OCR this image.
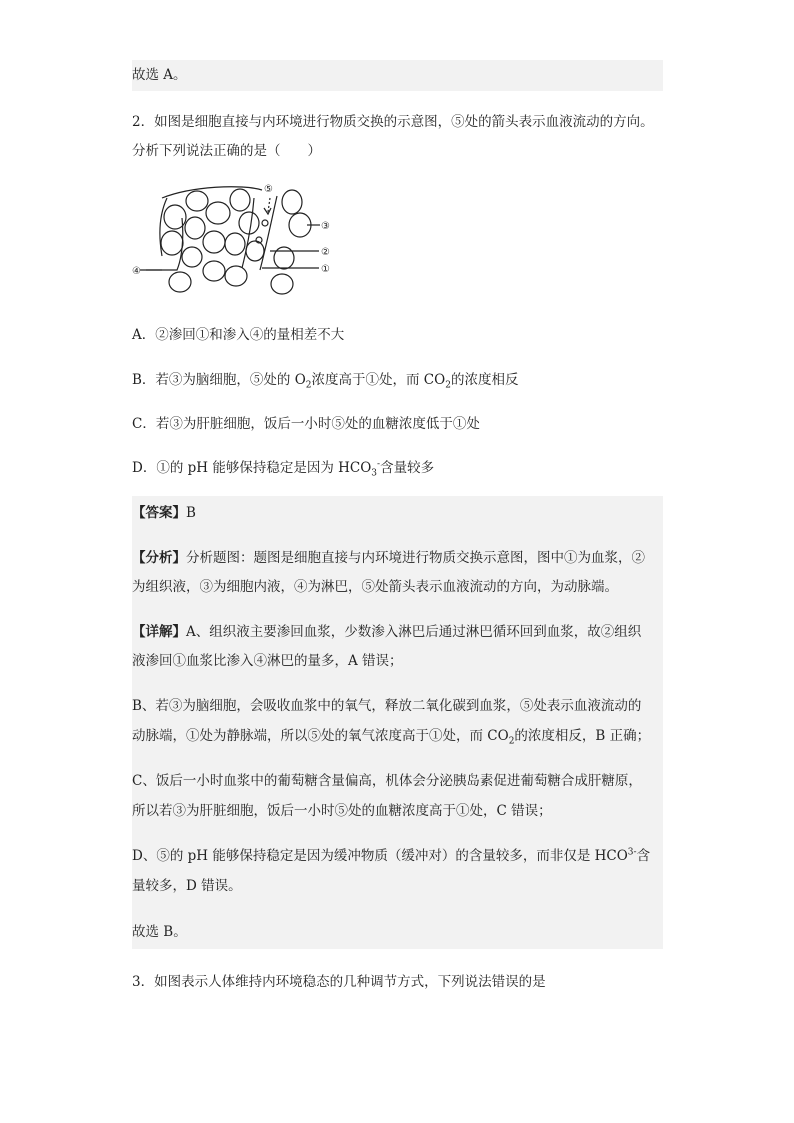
故选 A。
2．如图是细胞直接与内环境进行物质交换的示意图，⑤处的箭头表示血液流动的方向。
分析下列说法正确的是（　　）
⑤
③
②
①
④
A．②渗回①和渗入④的量相差不大
B．若③为脑细胞，⑤处的 $O_2$浓度高于①处，而 $CO_2$的浓度相反
C．若③为肝脏细胞，饭后一小时⑤处的血糖浓度低于①处
D．①的 pH 能够保持稳定是因为 $HCO_3^-$含量较多
【答案】B
【分析】分析题图：题图是细胞直接与内环境进行物质交换示意图，图中①为血浆，②
为组织液，③为细胞内液，④为淋巴，⑤处箭头表示血液流动的方向，为动脉端。
【详解】A、组织液主要渗回血浆，少数渗入淋巴后通过淋巴循环回到血浆，故②组织
液渗回①血浆比渗入④淋巴的量多，A 错误；
B、若③为脑细胞，会吸收血浆中的氧气，释放二氧化碳到血浆，⑤处表示血液流动的
动脉端，①处为静脉端，所以⑤处的氧气浓度高于①处，而 $CO_2$的浓度相反，B 正确；
C、饭后一小时血浆中的葡萄糖含量偏高，机体会分泌胰岛素促进葡萄糖合成肝糖原，
所以若③为肝脏细胞，饭后一小时⑤处的血糖浓度高于①处，C 错误；
D、⑤的 pH 能够保持稳定是因为缓冲物质（缓冲对）的含量较多，而非仅是 $HCO^{3-}$含
量较多，D 错误。
故选 B。
3．如图表示人体维持内环境稳态的几种调节方式，下列说法错误的是
